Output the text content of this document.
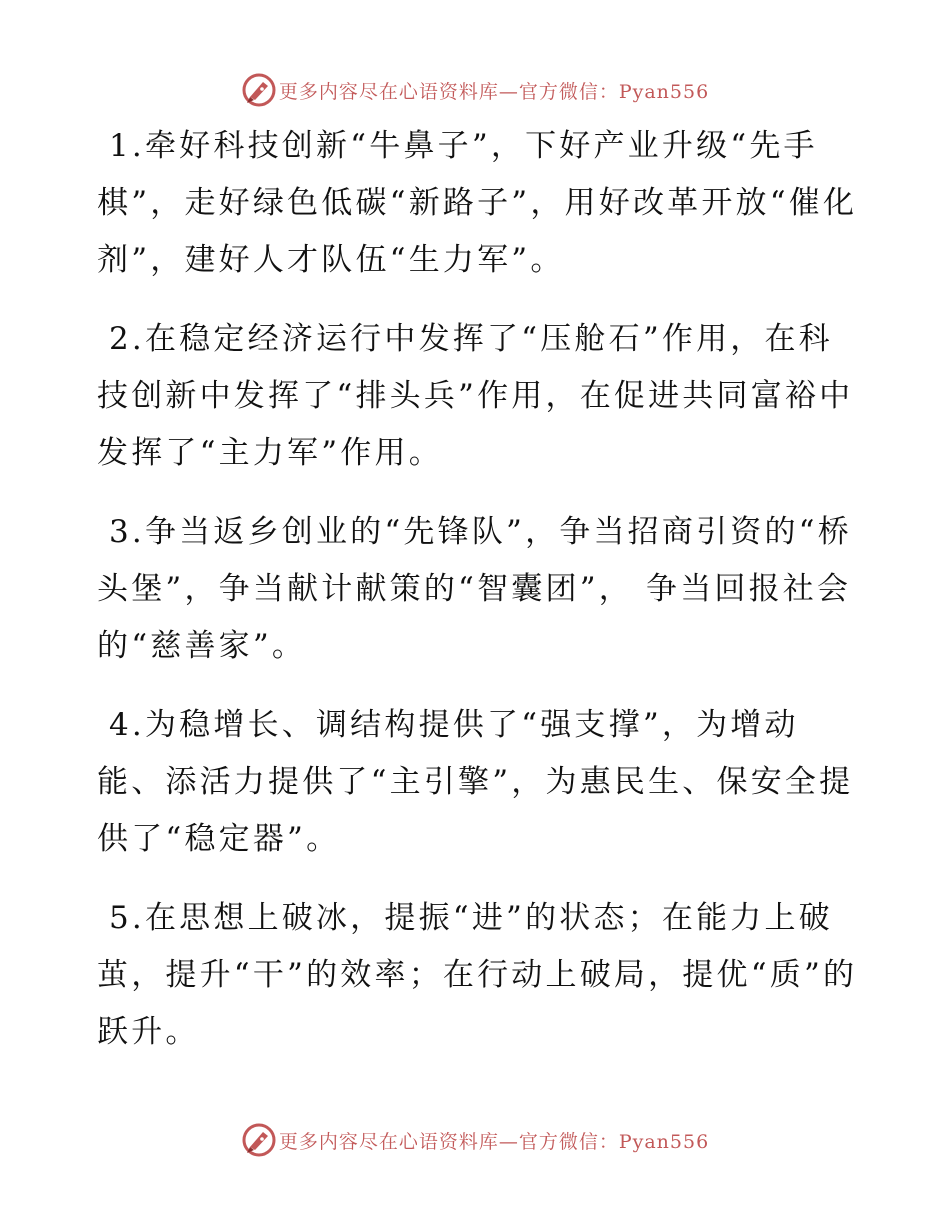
更多内容尽在心语资料库—官方微信：Pyan556

1.牵好科技创新“牛鼻子”，下好产业升级“先手棋”，走好绿色低碳“新路子”，用好改革开放“催化剂”，建好人才队伍“生力军”。

2.在稳定经济运行中发挥了“压舱石”作用，在科技创新中发挥了“排头兵”作用，在促进共同富裕中发挥了“主力军”作用。

3.争当返乡创业的“先锋队”，争当招商引资的“桥头堡”，争当献计献策的“智囊团”， 争当回报社会的“慈善家”。

4.为稳增长、调结构提供了“强支撑”，为增动能、添活力提供了“主引擎”，为惠民生、保安全提供了“稳定器”。

5.在思想上破冰，提振“进”的状态；在能力上破茧，提升“干”的效率；在行动上破局，提优“质”的跃升。

更多内容尽在心语资料库—官方微信：Pyan556
